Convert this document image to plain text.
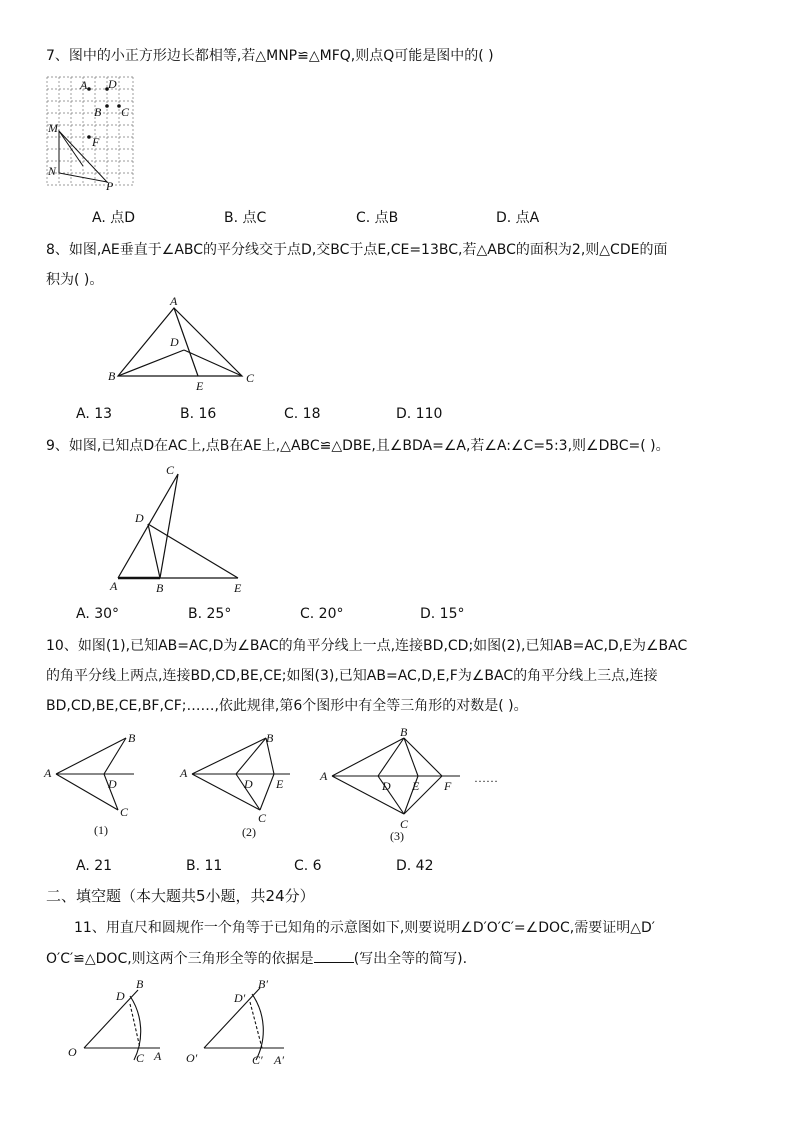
7、图中的小正方形边长都相等,若△MNP≌△MFQ,则点Q可能是图中的( )
A D
B C
M
F
N
P
A. 点D	B. 点C	C. 点B	D. 点A
8、如图,AE垂直于∠ABC的平分线交于点D,交BC于点E,CE=13BC,若△ABC的面积为2,则△CDE的面
积为( )。
A
D
B
E
C
A. 13	B. 16	C. 18	D. 110
9、如图,已知点D在AC上,点B在AE上,△ABC≌△DBE,且∠BDA=∠A,若∠A:∠C=5:3,则∠DBC=( )。
C
D
A	B	E
A. 30°	B. 25°	C. 20°	D. 15°
10、如图(1),已知AB=AC,D为∠BAC的角平分线上一点,连接BD,CD;如图(2),已知AB=AC,D,E为∠BAC
的角平分线上两点,连接BD,CD,BE,CE;如图(3),已知AB=AC,D,E,F为∠BAC的角平分线上三点,连接
BD,CD,BE,CE,BF,CF;……,依此规律,第6个图形中有全等三角形的对数是( )。
B
A
D
C
(1)
B
A
D E
C
(2)
B
A
D E F
C
(3)
……
A. 21	B. 11	C. 6	D. 42
二、填空题（本大题共5小题，共24分）
11、用直尺和圆规作一个角等于已知角的示意图如下,则要说明∠D′O′C′=∠DOC,需要证明△D′
O′C′≌△DOC,则这两个三角形全等的依据是	(写出全等的简写).
D
B
O	C A
D′
B′
O′	C′ A′
